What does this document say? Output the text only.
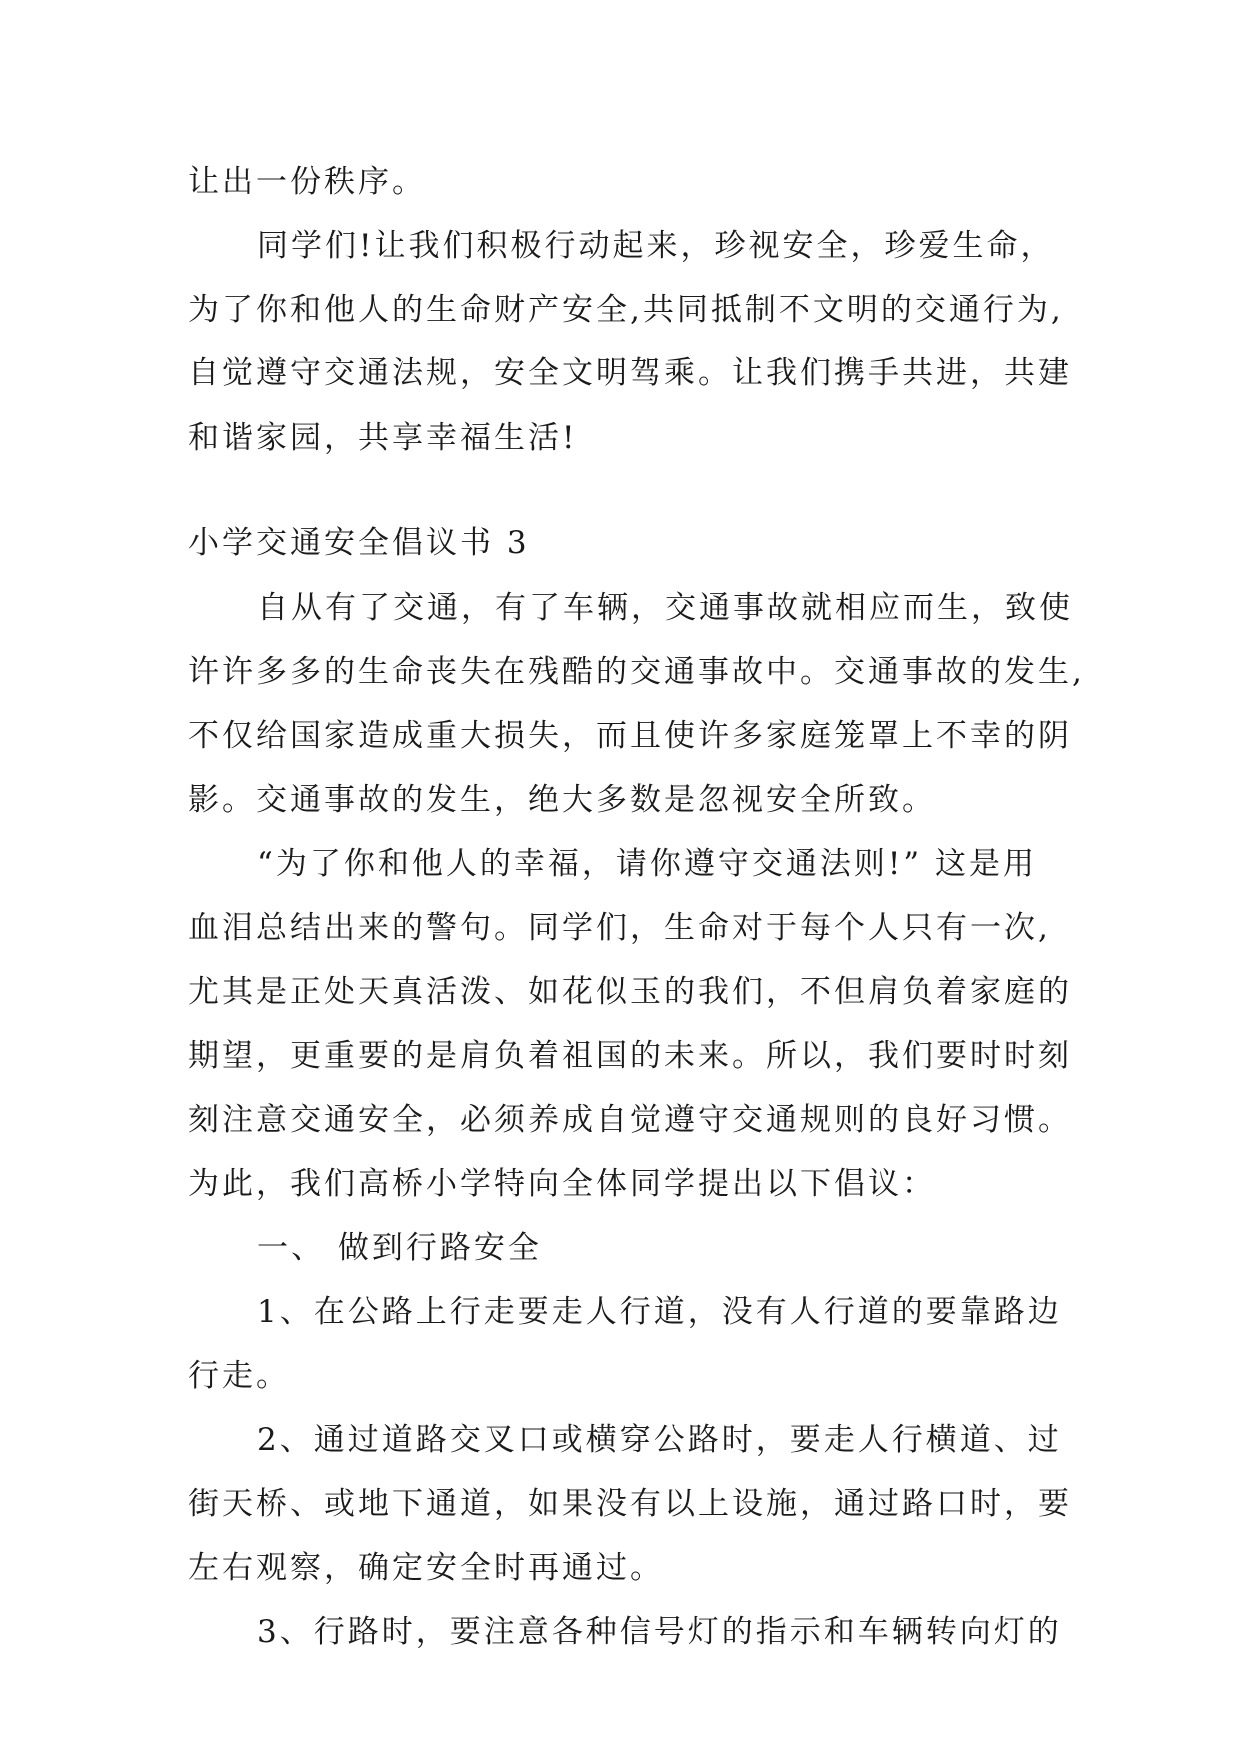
让出一份秩序。
同学们!让我们积极行动起来，珍视安全，珍爱生命，
为了你和他人的生命财产安全,共同抵制不文明的交通行为,
自觉遵守交通法规，安全文明驾乘。让我们携手共进，共建
和谐家园，共享幸福生活!
小学交通安全倡议书 3
自从有了交通，有了车辆，交通事故就相应而生，致使
许许多多的生命丧失在残酷的交通事故中。交通事故的发生,
不仅给国家造成重大损失，而且使许多家庭笼罩上不幸的阴
影。交通事故的发生，绝大多数是忽视安全所致。
“为了你和他人的幸福，请你遵守交通法则!” 这是用
血泪总结出来的警句。同学们，生命对于每个人只有一次,
尤其是正处天真活泼、如花似玉的我们，不但肩负着家庭的
期望，更重要的是肩负着祖国的未来。所以，我们要时时刻
刻注意交通安全，必须养成自觉遵守交通规则的良好习惯。
为此，我们高桥小学特向全体同学提出以下倡议：
一、 做到行路安全
1、在公路上行走要走人行道，没有人行道的要靠路边
行走。
2、通过道路交叉口或横穿公路时，要走人行横道、过
街天桥、或地下通道，如果没有以上设施，通过路口时，要
左右观察，确定安全时再通过。
3、行路时，要注意各种信号灯的指示和车辆转向灯的
